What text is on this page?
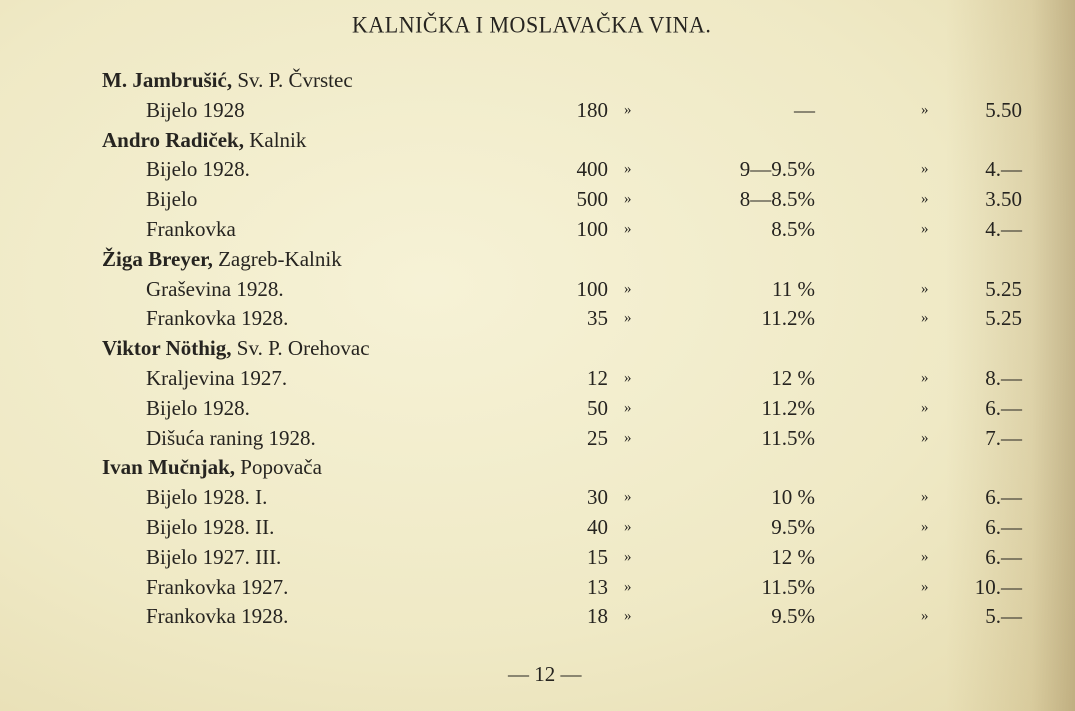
KALNIČKA I MOSLAVAČKA VINA.
M. Jambrušić, Sv. P. Čvrstec
Bijelo 1928	180 »	—	»	5.50
Andro Radiček, Kalnik
Bijelo 1928.	400 »	9—9.5%	»	4.—
Bijelo	500 »	8—8.5%	»	3.50
Frankovka	100 »	8.5%	»	4.—
Žiga Breyer, Zagreb-Kalnik
Graševina 1928.	100 »	11 %	»	5.25
Frankovka 1928.	35 »	11.2%	»	5.25
Viktor Nöthig, Sv. P. Orehovac
Kraljevina 1927.	12 »	12 %	»	8.—
Bijelo 1928.	50 »	11.2%	»	6.—
Dišuća raning 1928.	25 »	11.5%	»	7.—
Ivan Mučnjak, Popovača
Bijelo 1928. I.	30 »	10 %	»	6.—
Bijelo 1928. II.	40 »	9.5%	»	6.—
Bijelo 1927. III.	15 »	12 %	»	6.—
Frankovka 1927.	13 »	11.5%	»	10.—
Frankovka 1928.	18 »	9.5%	»	5.—
— 12 —
